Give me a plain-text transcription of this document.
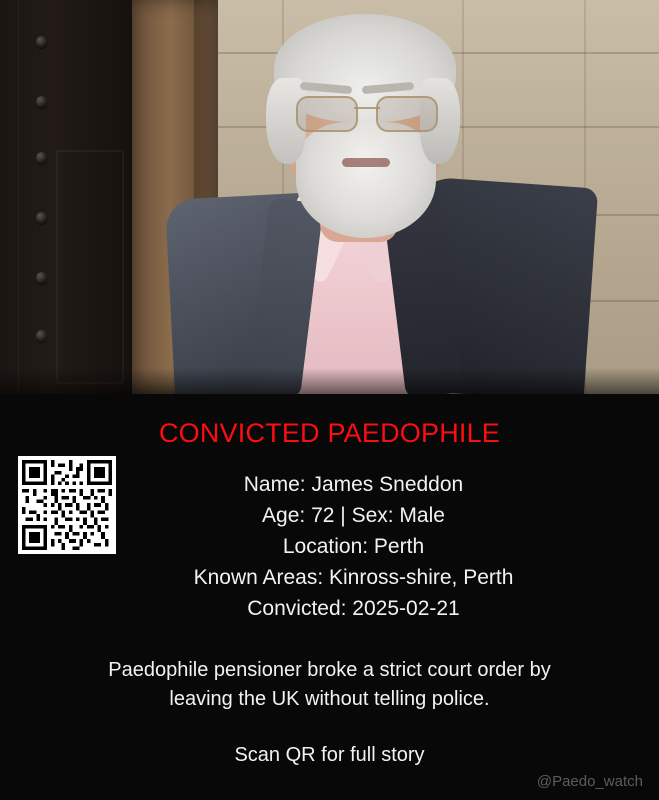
CONVICTED PAEDOPHILE
Name: James Sneddon
Age: 72 | Sex: Male
Location: Perth
Known Areas: Kinross-shire, Perth
Convicted: 2025-02-21
Paedophile pensioner broke a strict court order by
leaving the UK without telling police.
Scan QR for full story
@Paedo_watch
